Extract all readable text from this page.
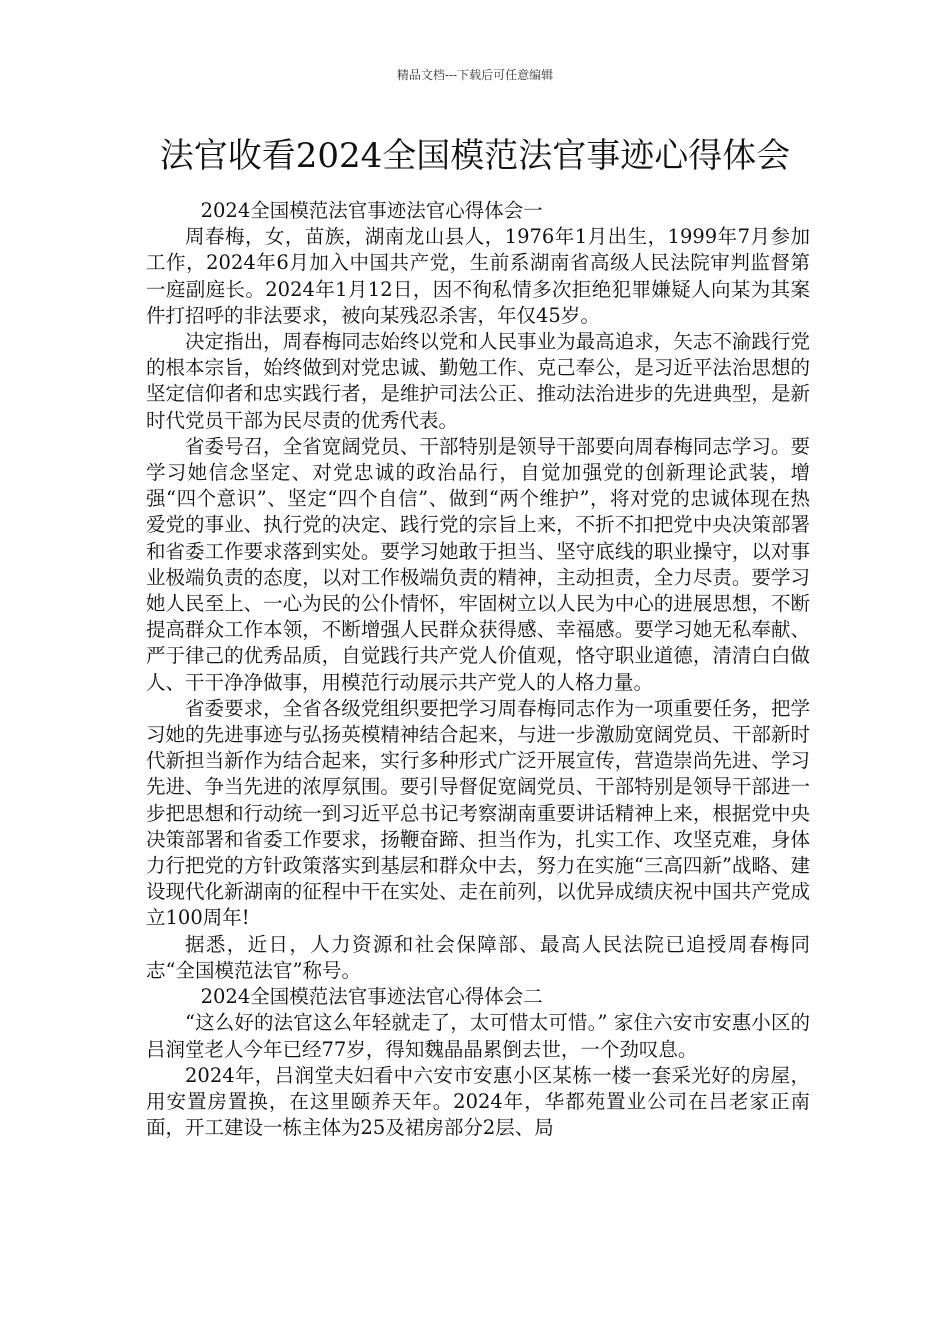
精品文档---下载后可任意编辑
法官收看2024全国模范法官事迹心得体会

2024全国模范法官事迹法官心得体会一

周春梅，女，苗族，湖南龙山县人，1976年1月出生，1999年7月参加工作，2024年6月加入中国共产党，生前系湖南省高级人民法院审判监督第一庭副庭长。2024年1月12日，因不徇私情多次拒绝犯罪嫌疑人向某为其案件打招呼的非法要求，被向某残忍杀害，年仅45岁。

决定指出，周春梅同志始终以党和人民事业为最高追求，矢志不渝践行党的根本宗旨，始终做到对党忠诚、勤勉工作、克己奉公，是习近平法治思想的坚定信仰者和忠实践行者，是维护司法公正、推动法治进步的先进典型，是新时代党员干部为民尽责的优秀代表。

省委号召，全省宽阔党员、干部特别是领导干部要向周春梅同志学习。要学习她信念坚定、对党忠诚的政治品行，自觉加强党的创新理论武装，增强“四个意识”、坚定“四个自信”、做到“两个维护”，将对党的忠诚体现在热爱党的事业、执行党的决定、践行党的宗旨上来，不折不扣把党中央决策部署和省委工作要求落到实处。要学习她敢于担当、坚守底线的职业操守，以对事业极端负责的态度，以对工作极端负责的精神，主动担责，全力尽责。要学习她人民至上、一心为民的公仆情怀，牢固树立以人民为中心的进展思想，不断提高群众工作本领，不断增强人民群众获得感、幸福感。要学习她无私奉献、严于律己的优秀品质，自觉践行共产党人价值观，恪守职业道德，清清白白做人、干干净净做事，用模范行动展示共产党人的人格力量。

省委要求，全省各级党组织要把学习周春梅同志作为一项重要任务，把学习她的先进事迹与弘扬英模精神结合起来，与进一步激励宽阔党员、干部新时代新担当新作为结合起来，实行多种形式广泛开展宣传，营造崇尚先进、学习先进、争当先进的浓厚氛围。要引导督促宽阔党员、干部特别是领导干部进一步把思想和行动统一到习近平总书记考察湖南重要讲话精神上来，根据党中央决策部署和省委工作要求，扬鞭奋蹄、担当作为，扎实工作、攻坚克难，身体力行把党的方针政策落实到基层和群众中去，努力在实施“三高四新”战略、建设现代化新湖南的征程中干在实处、走在前列，以优异成绩庆祝中国共产党成立100周年!

据悉，近日，人力资源和社会保障部、最高人民法院已追授周春梅同志“全国模范法官”称号。

2024全国模范法官事迹法官心得体会二

“这么好的法官这么年轻就走了，太可惜太可惜。” 家住六安市安惠小区的吕润堂老人今年已经77岁，得知魏晶晶累倒去世，一个劲叹息。

2024年，吕润堂夫妇看中六安市安惠小区某栋一楼一套采光好的房屋，用安置房置换，在这里颐养天年。2024年，华都苑置业公司在吕老家正南面，开工建设一栋主体为25及裙房部分2层、局
